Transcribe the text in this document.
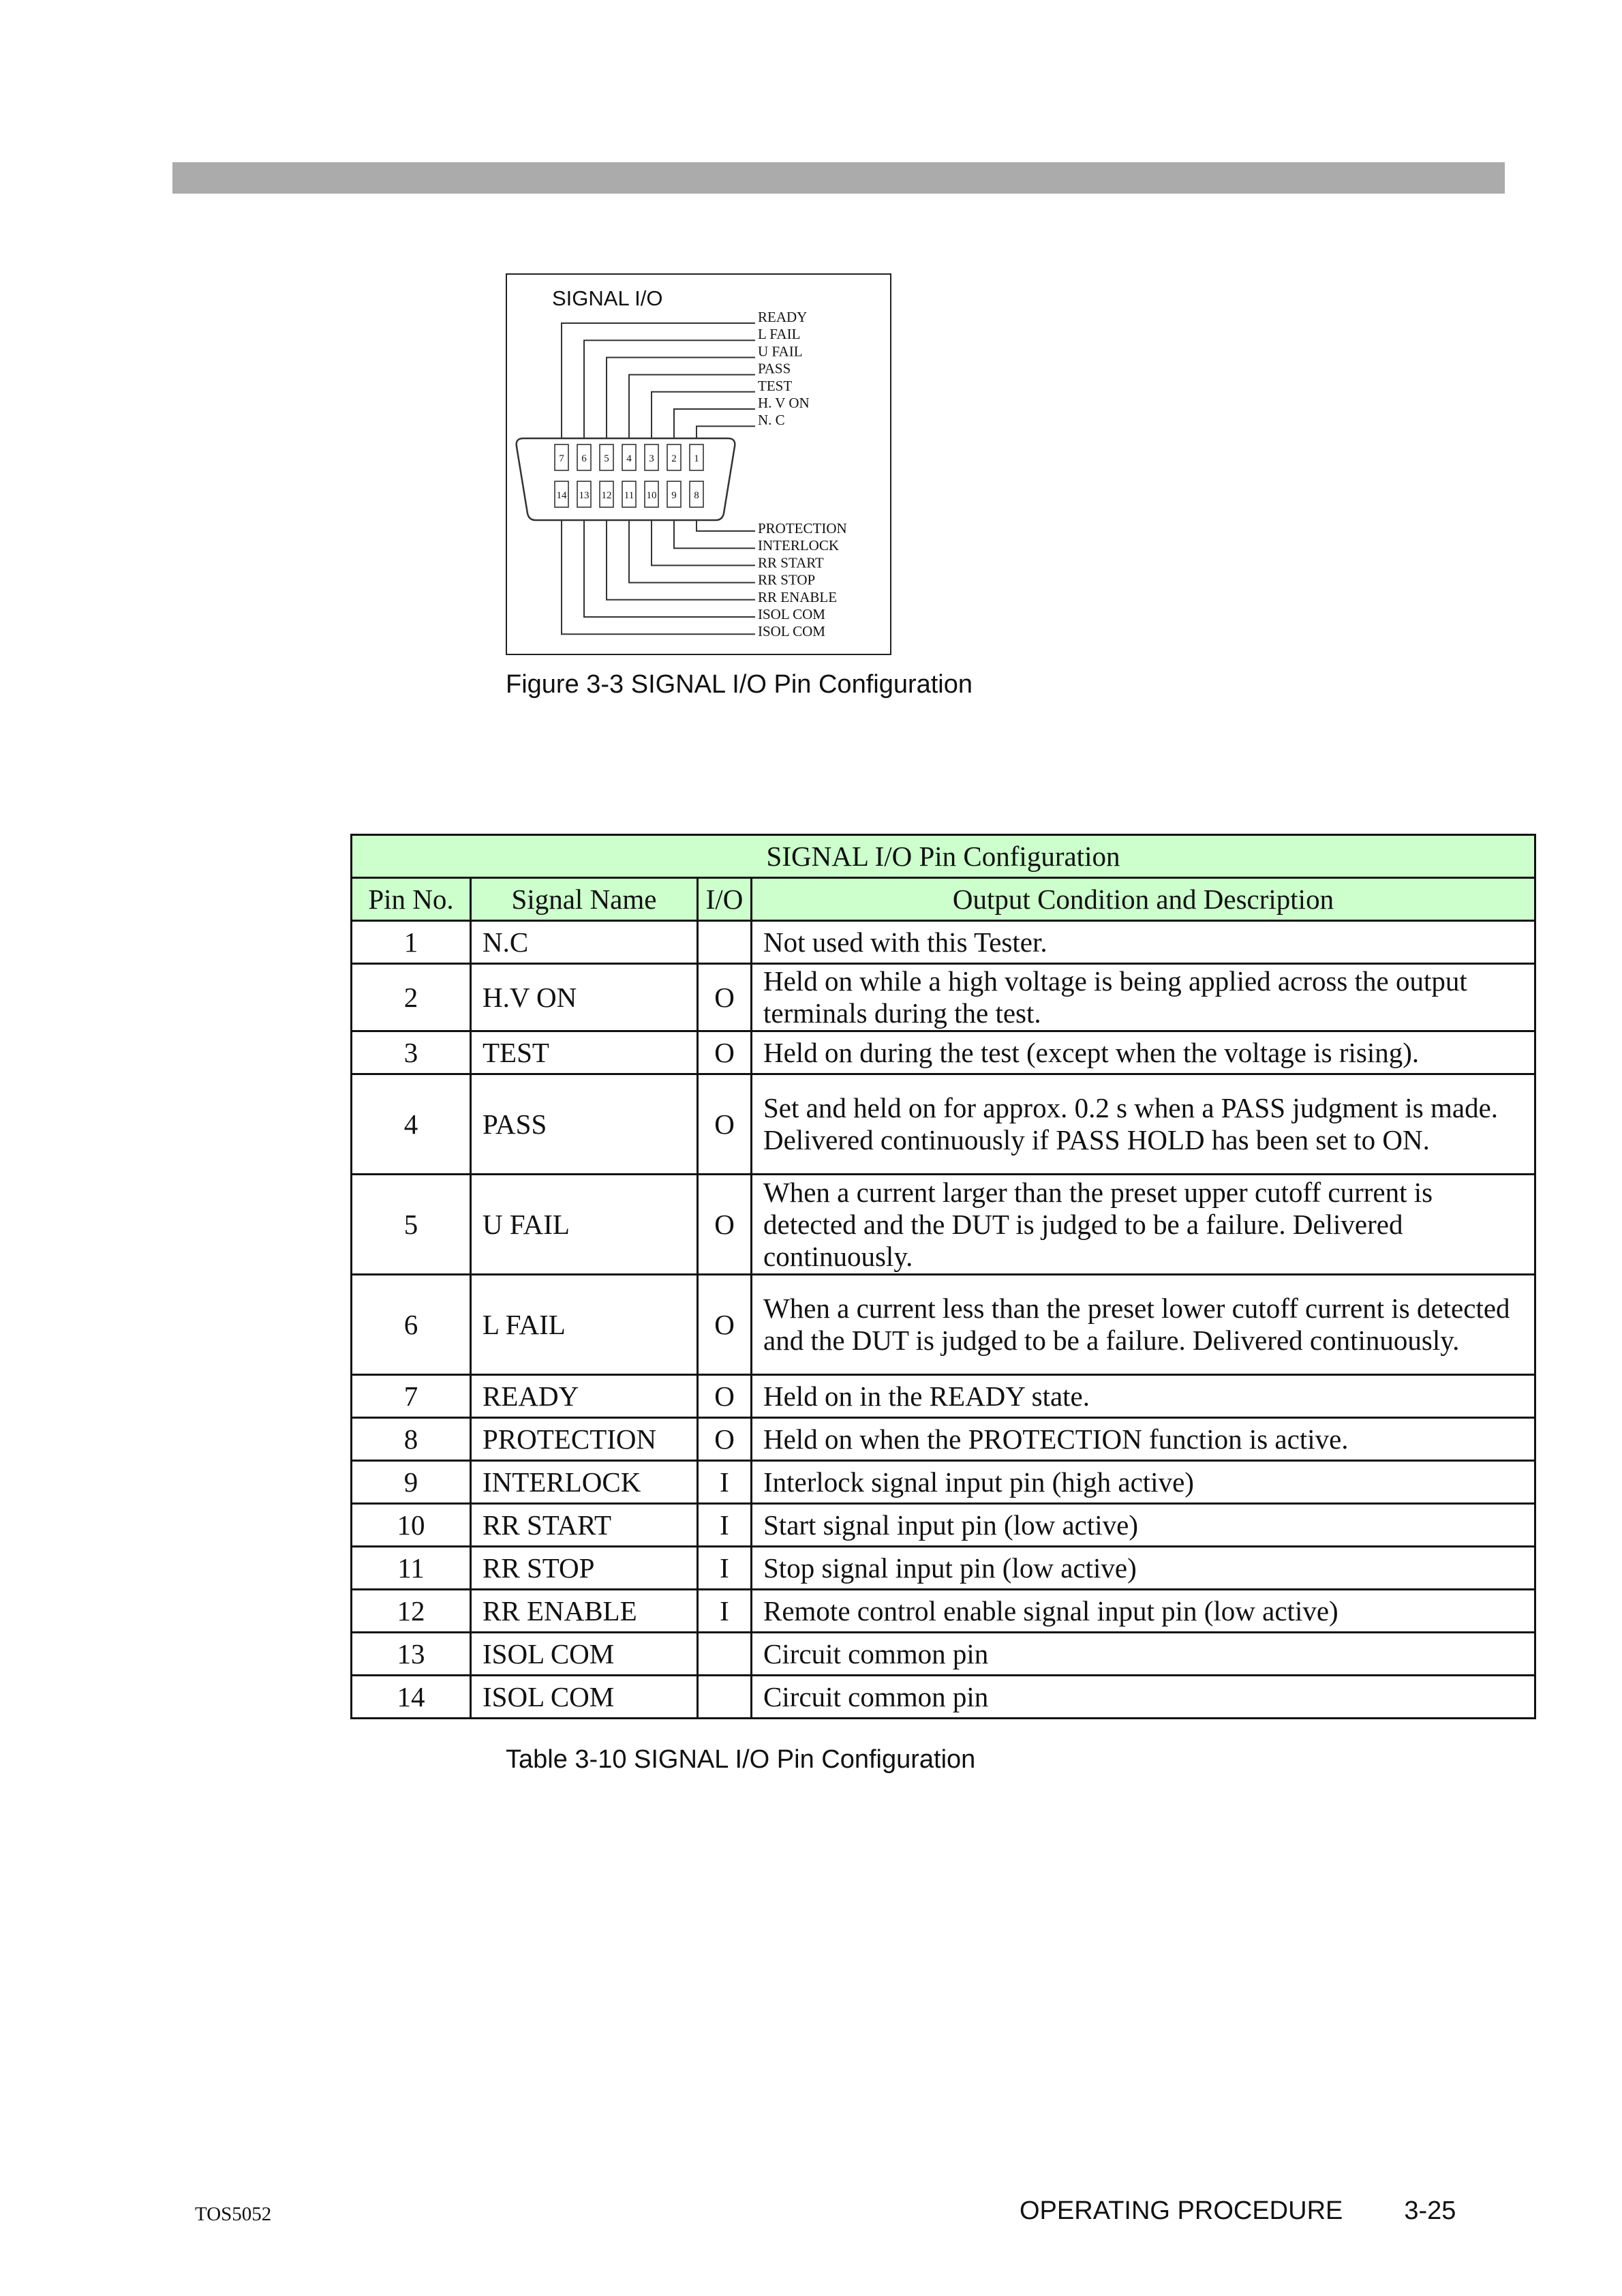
SIGNAL I/O
READY
L FAIL
U FAIL
PASS
TEST
H. V ON
N. C
PROTECTION
INTERLOCK
RR START
RR STOP
RR ENABLE
ISOL COM
ISOL COM
7 6 5 4 3 2 1
14 13 12 11 10 9 8
Figure 3-3 SIGNAL I/O Pin Configuration
SIGNAL I/O Pin Configuration			
Pin No.	Signal Name	I/O	Output Condition and Description
1	N.C		Not used with this Tester.
2	H.V ON	O	Held on while a high voltage is being applied across the output terminals during the test.
3	TEST	O	Held on during the test (except when the voltage is rising).
4	PASS	O	Set and held on for approx. 0.2 s when a PASS judgment is made. Delivered continuously if PASS HOLD has been set to ON.
5	U FAIL	O	When a current larger than the preset upper cutoff current is detected and the DUT is judged to be a failure. Delivered continuously.
6	L FAIL	O	When a current less than the preset lower cutoff current is detected and the DUT is judged to be a failure. Delivered continuously.
7	READY	O	Held on in the READY state.
8	PROTECTION	O	Held on when the PROTECTION function is active.
9	INTERLOCK	I	Interlock signal input pin (high active)
10	RR START	I	Start signal input pin (low active)
11	RR STOP	I	Stop signal input pin (low active)
12	RR ENABLE	I	Remote control enable signal input pin (low active)
13	ISOL COM		Circuit common pin
14	ISOL COM		Circuit common pin
Table 3-10 SIGNAL I/O Pin Configuration
TOS5052	OPERATING PROCEDURE 3-25
